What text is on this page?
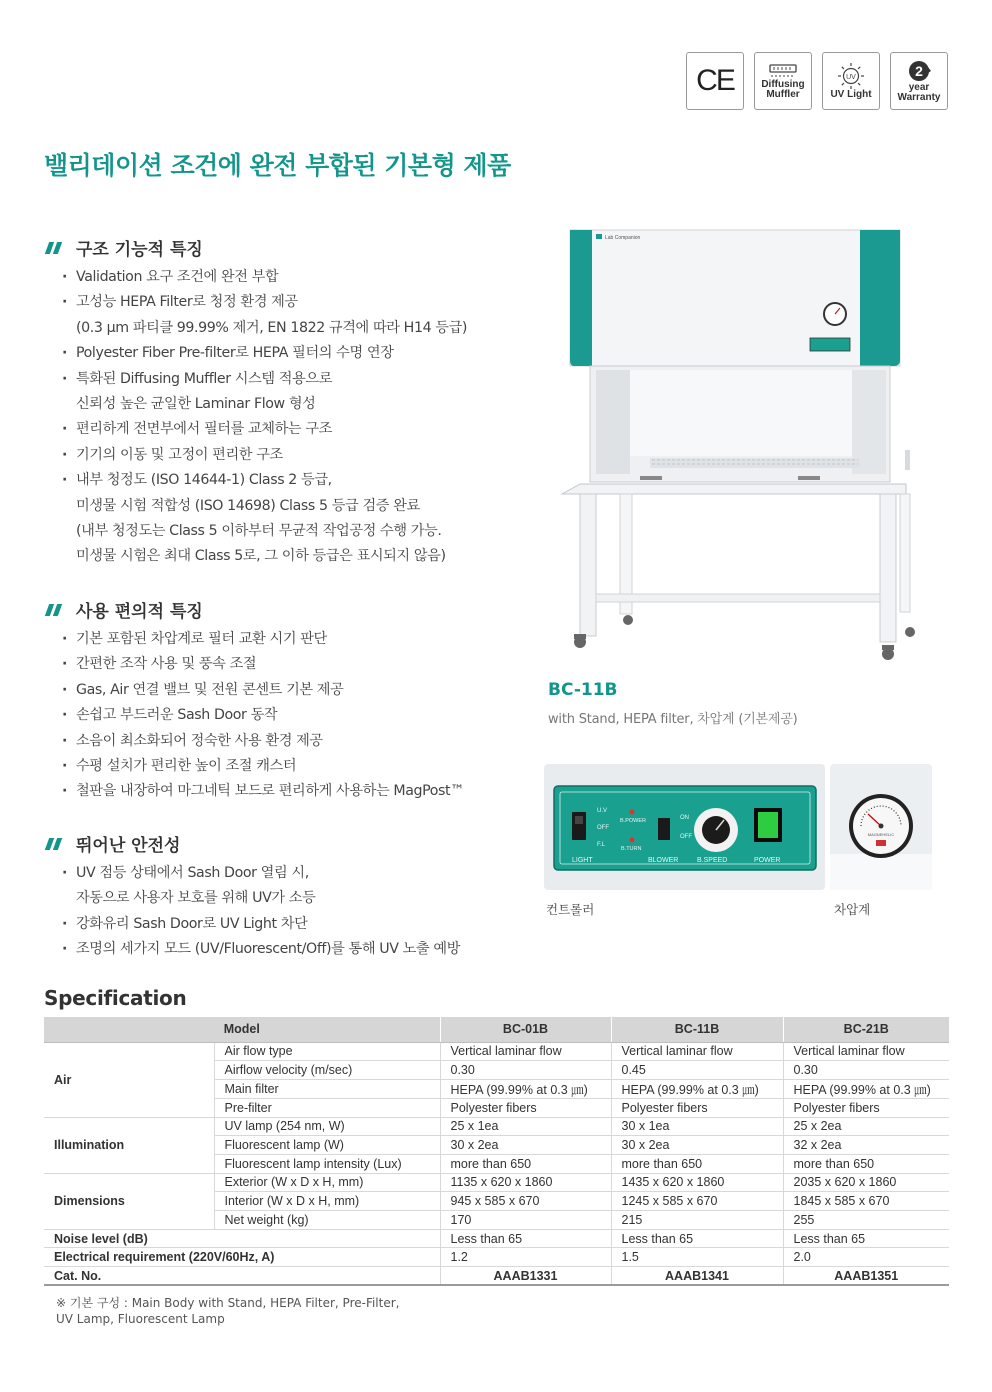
CE	Diffusing Muffler
UV
UV Light
2
year Warranty
밸리데이션 조건에 완전 부합된 기본형 제품
구조 기능적 특징
· Validation 요구 조건에 완전 부합
· 고성능 HEPA Filter로 청정 환경 제공
(0.3 μm 파티클 99.99% 제거, EN 1822 규격에 따라 H14 등급)
· Polyester Fiber Pre-filter로 HEPA 필터의 수명 연장
· 특화된 Diffusing Muffler 시스템 적용으로
신뢰성 높은 균일한 Laminar Flow 형성
· 편리하게 전면부에서 필터를 교체하는 구조
· 기기의 이동 및 고정이 편리한 구조
· 내부 청정도 (ISO 14644-1) Class 2 등급,
미생물 시험 적합성 (ISO 14698) Class 5 등급 검증 완료
(내부 청정도는 Class 5 이하부터 무균적 작업공정 수행 가능.
미생물 시험은 최대 Class 5로, 그 이하 등급은 표시되지 않음)
사용 편의적 특징
· 기본 포함된 차압계로 필터 교환 시기 판단
· 간편한 조작 사용 및 풍속 조절
· Gas, Air 연결 밸브 및 전원 콘센트 기본 제공
· 손쉽고 부드러운 Sash Door 동작
· 소음이 최소화되어 정숙한 사용 환경 제공
· 수평 설치가 편리한 높이 조절 캐스터
· 철판을 내장하여 마그네틱 보드로 편리하게 사용하는 MagPost™
뛰어난 안전성
· UV 점등 상태에서 Sash Door 열림 시,
자동으로 사용자 보호를 위해 UV가 소등
· 강화유리 Sash Door로 UV Light 차단
· 조명의 세가지 모드 (UV/Fluorescent/Off)를 통해 UV 노출 예방
Lab Companion
BC-11B
with Stand, HEPA filter, 차압계 (기본제공)
U.V
OFF
F.L
B.POWER
B.TURN
ON
OFF
LIGHT	BLOWER	B.SPEED	POWER
MAGNEHELIC
컨트롤러	차압계
Specification
Model		BC-01B	BC-11B	BC-21B
Air	Air flow type	Vertical laminar flow	Vertical laminar flow	Vertical laminar flow
	Airflow velocity (m/sec)	0.30	0.45	0.30
	Main filter	HEPA (99.99% at 0.3 ㎛)	HEPA (99.99% at 0.3 ㎛)	HEPA (99.99% at 0.3 ㎛)
	Pre-filter	Polyester fibers	Polyester fibers	Polyester fibers
Illumination	UV lamp (254 nm, W)	25 x 1ea	30 x 1ea	25 x 2ea
	Fluorescent lamp (W)	30 x 2ea	30 x 2ea	32 x 2ea
	Fluorescent lamp intensity (Lux)	more than 650	more than 650	more than 650
Dimensions	Exterior (W x D x H, mm)	1135 x 620 x 1860	1435 x 620 x 1860	2035 x 620 x 1860
	Interior (W x D x H, mm)	945 x 585 x 670	1245 x 585 x 670	1845 x 585 x 670
	Net weight (kg)	170	215	255
Noise level (dB)		Less than 65	Less than 65	Less than 65
Electrical requirement (220V/60Hz, A)		1.2	1.5	2.0
Cat. No.		AAAB1331	AAAB1341	AAAB1351
※ 기본 구성 : Main Body with Stand, HEPA Filter, Pre-Filter,
UV Lamp, Fluorescent Lamp
